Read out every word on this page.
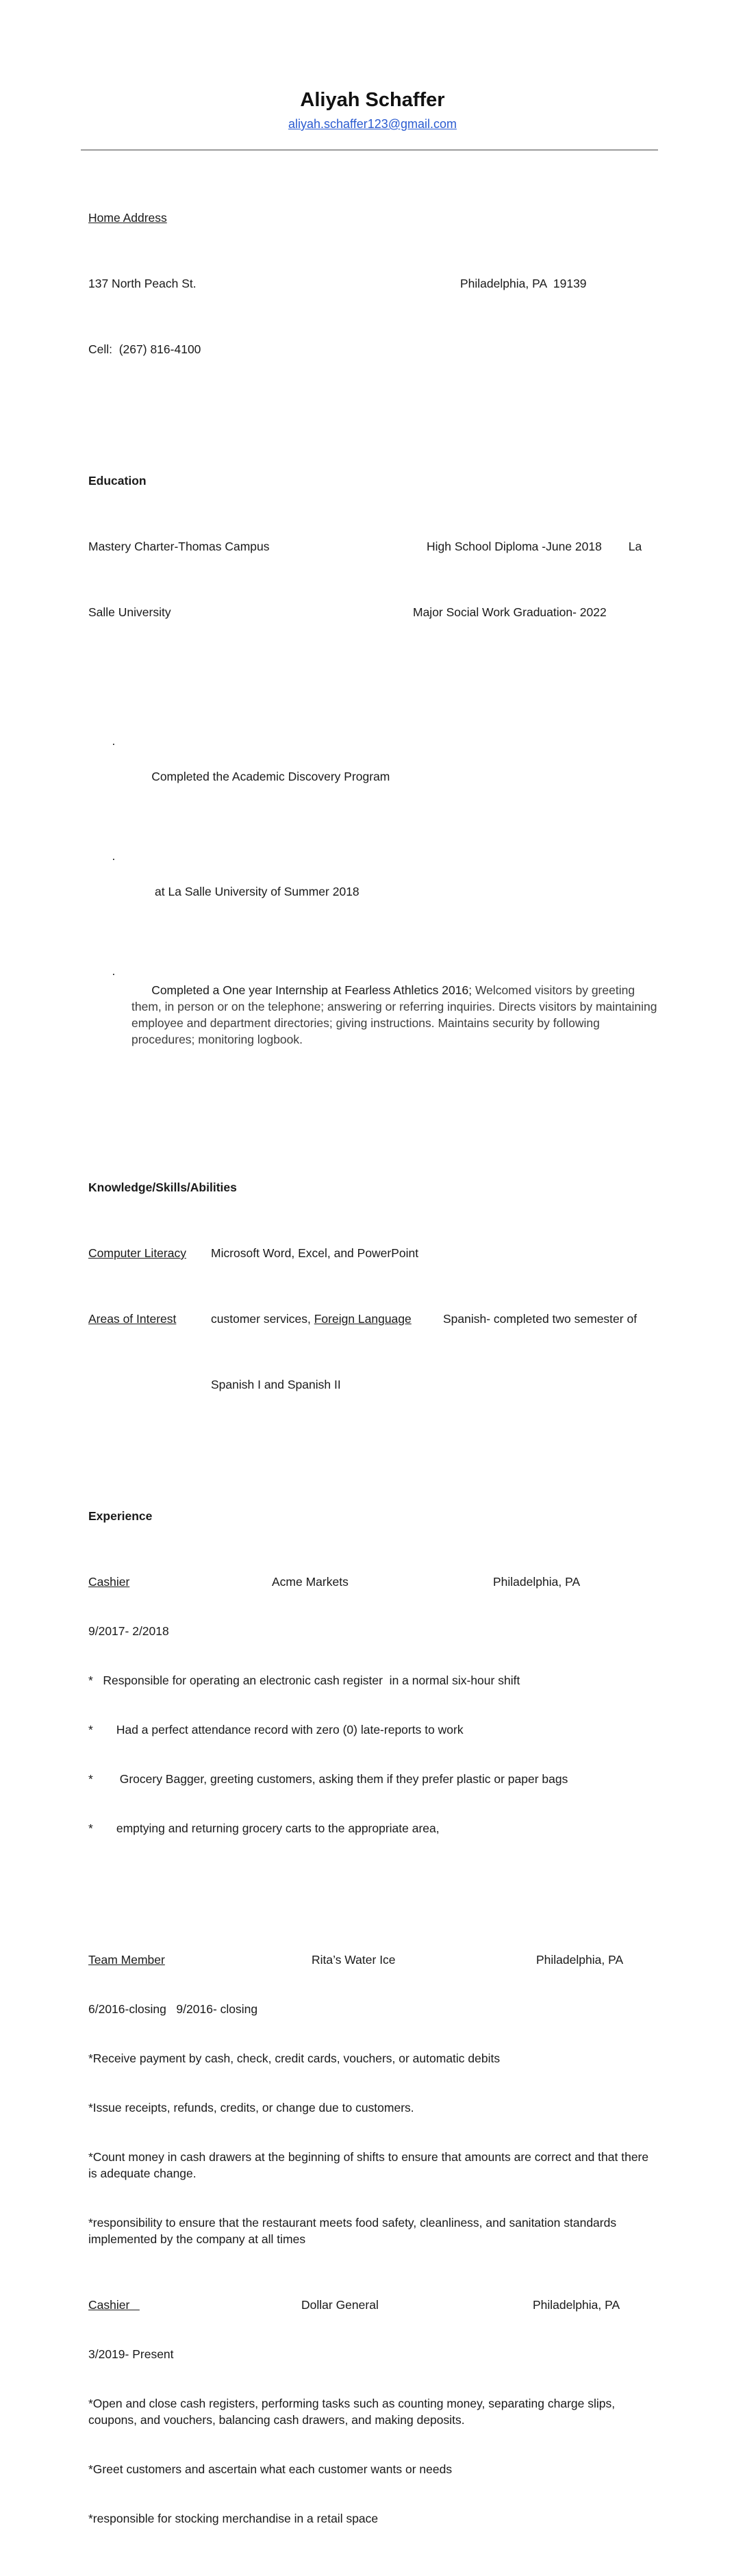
Aliyah Schaffer
aliyah.schaffer123@gmail.com

Home Address

137 North Peach St.

	Philadelphia, PA  19139

Cell:  (267) 816-4100

Education

Mastery Charter-Thomas Campus

	High School Diploma -June 2018        La

Salle University

	Major Social Work Graduation- 2022

·

Completed the Academic Discovery Program

·

at La Salle University of Summer 2018

·
Completed a One year Internship at Fearless Athletics 2016; Welcomed visitors by greeting them, in person or on the telephone; answering or referring inquiries. Directs visitors by maintaining employee and department directories; giving instructions. Maintains security by following procedures; monitoring logbook.

Knowledge/Skills/Abilities

Computer Literacy

Microsoft Word, Excel, and PowerPoint

Areas of Interest

	customer services, Foreign Language

	Spanish- completed two semester of

Spanish I and Spanish II

Experience

Cashier

	Acme Markets

	Philadelphia, PA

9/2017- 2/2018

*   Responsible for operating an electronic cash register  in a normal six-hour shift

*       Had a perfect attendance record with zero (0) late-reports to work

*        Grocery Bagger, greeting customers, asking them if they prefer plastic or paper bags

*       emptying and returning grocery carts to the appropriate area,

Team Member

	Rita’s Water Ice

	Philadelphia, PA

6/2016-closing   9/2016- closing

*Receive payment by cash, check, credit cards, vouchers, or automatic debits

*Issue receipts, refunds, credits, or change due to customers.

*Count money in cash drawers at the beginning of shifts to ensure that amounts are correct and that there is adequate change.

*responsibility to ensure that the restaurant meets food safety, cleanliness, and sanitation standards implemented by the company at all times

Cashier

	Dollar General

	Philadelphia, PA

3/2019- Present

*Open and close cash registers, performing tasks such as counting money, separating charge slips, coupons, and vouchers, balancing cash drawers, and making deposits.

*Greet customers and ascertain what each customer wants or needs

*responsible for stocking merchandise in a retail space
